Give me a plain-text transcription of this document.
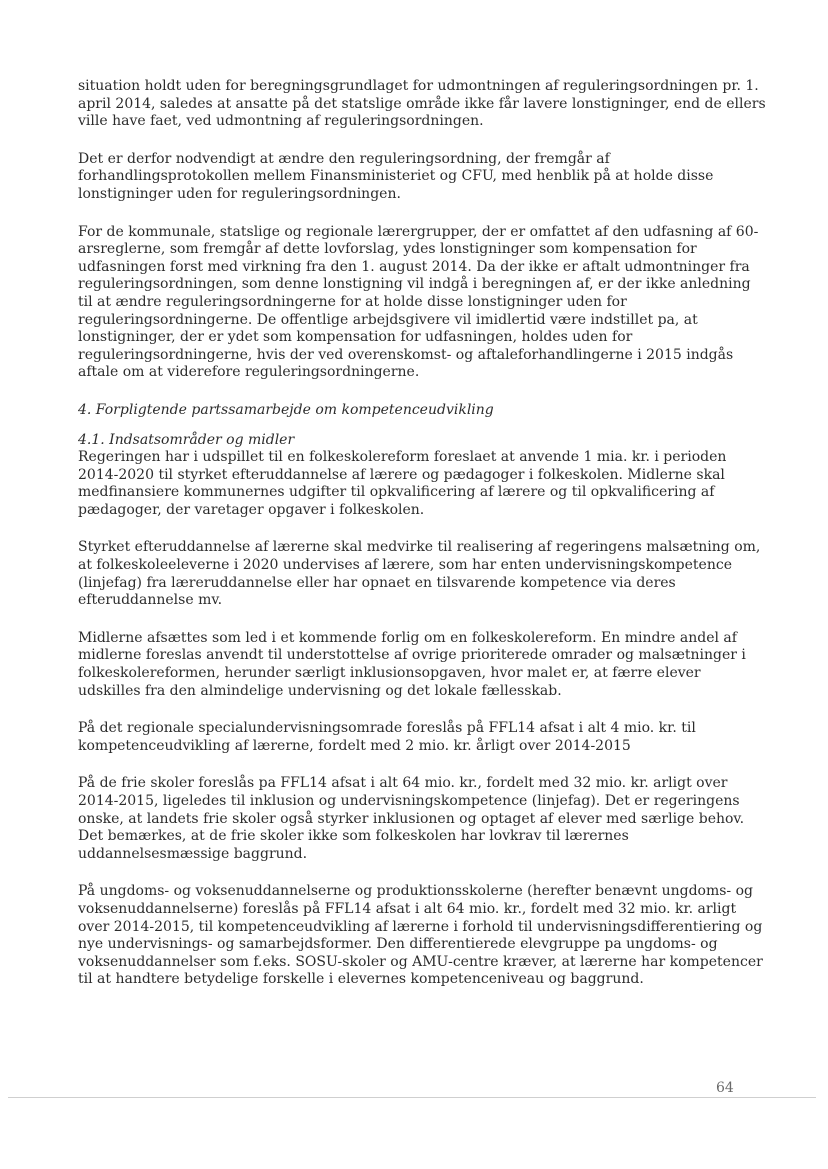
situation holdt uden for beregningsgrundlaget for udmontningen af reguleringsordningen pr. 1. april 2014, saledes at ansatte på det statslige område ikke får lavere lonstigninger, end de ellers ville have faet, ved udmontning af reguleringsordningen.

Det er derfor nodvendigt at ændre den reguleringsordning, der fremgår af forhandlingsprotokollen mellem Finansministeriet og CFU, med henblik på at holde disse lonstigninger uden for reguleringsordningen.

For de kommunale, statslige og regionale lærergrupper, der er omfattet af den udfasning af 60-arsreglerne, som fremgår af dette lovforslag, ydes lonstigninger som kompensation for udfasningen forst med virkning fra den 1. august 2014. Da der ikke er aftalt udmontninger fra reguleringsordningen, som denne lonstigning vil indgå i beregningen af, er der ikke anledning til at ændre reguleringsordningerne for at holde disse lonstigninger uden for reguleringsordningerne. De offentlige arbejdsgivere vil imidlertid være indstillet pa, at lonstigninger, der er ydet som kompensation for udfasningen, holdes uden for reguleringsordningerne, hvis der ved overenskomst- og aftaleforhandlingerne i 2015 indgås aftale om at viderefore reguleringsordningerne.

4. Forpligtende partssamarbejde om kompetenceudvikling
4.1. Indsatsområder og midler

Regeringen har i udspillet til en folkeskolereform foreslaet at anvende 1 mia. kr. i perioden 2014-2020 til styrket efteruddannelse af lærere og pædagoger i folkeskolen. Midlerne skal medfinansiere kommunernes udgifter til opkvalificering af lærere og til opkvalificering af pædagoger, der varetager opgaver i folkeskolen.

Styrket efteruddannelse af lærerne skal medvirke til realisering af regeringens malsætning om, at folkeskoleeleverne i 2020 undervises af lærere, som har enten undervisningskompetence (linjefag) fra læreruddannelse eller har opnaet en tilsvarende kompetence via deres efteruddannelse mv.

Midlerne afsættes som led i et kommende forlig om en folkeskolereform. En mindre andel af midlerne foreslas anvendt til understottelse af ovrige prioriterede omrader og malsætninger i folkeskolereformen, herunder særligt inklusionsopgaven, hvor malet er, at færre elever udskilles fra den almindelige undervisning og det lokale fællesskab.

På det regionale specialundervisningsomrade foreslås på FFL14 afsat i alt 4 mio. kr. til kompetenceudvikling af lærerne, fordelt med 2 mio. kr. årligt over 2014-2015

På de frie skoler foreslås pa FFL14 afsat i alt 64 mio. kr., fordelt med 32 mio. kr. arligt over 2014-2015, ligeledes til inklusion og undervisningskompetence (linjefag). Det er regeringens onske, at landets frie skoler også styrker inklusionen og optaget af elever med særlige behov. Det bemærkes, at de frie skoler ikke som folkeskolen har lovkrav til lærernes uddannelsesmæssige baggrund.

På ungdoms- og voksenuddannelserne og produktionsskolerne (herefter benævnt ungdoms- og voksenuddannelserne) foreslås på FFL14 afsat i alt 64 mio. kr., fordelt med 32 mio. kr. arligt over 2014-2015, til kompetenceudvikling af lærerne i forhold til undervisningsdifferentiering og nye undervisnings- og samarbejdsformer. Den differentierede elevgruppe pa ungdoms- og voksenuddannelser som f.eks. SOSU-skoler og AMU-centre kræver, at lærerne har kompetencer til at handtere betydelige forskelle i elevernes kompetenceniveau og baggrund.

64
